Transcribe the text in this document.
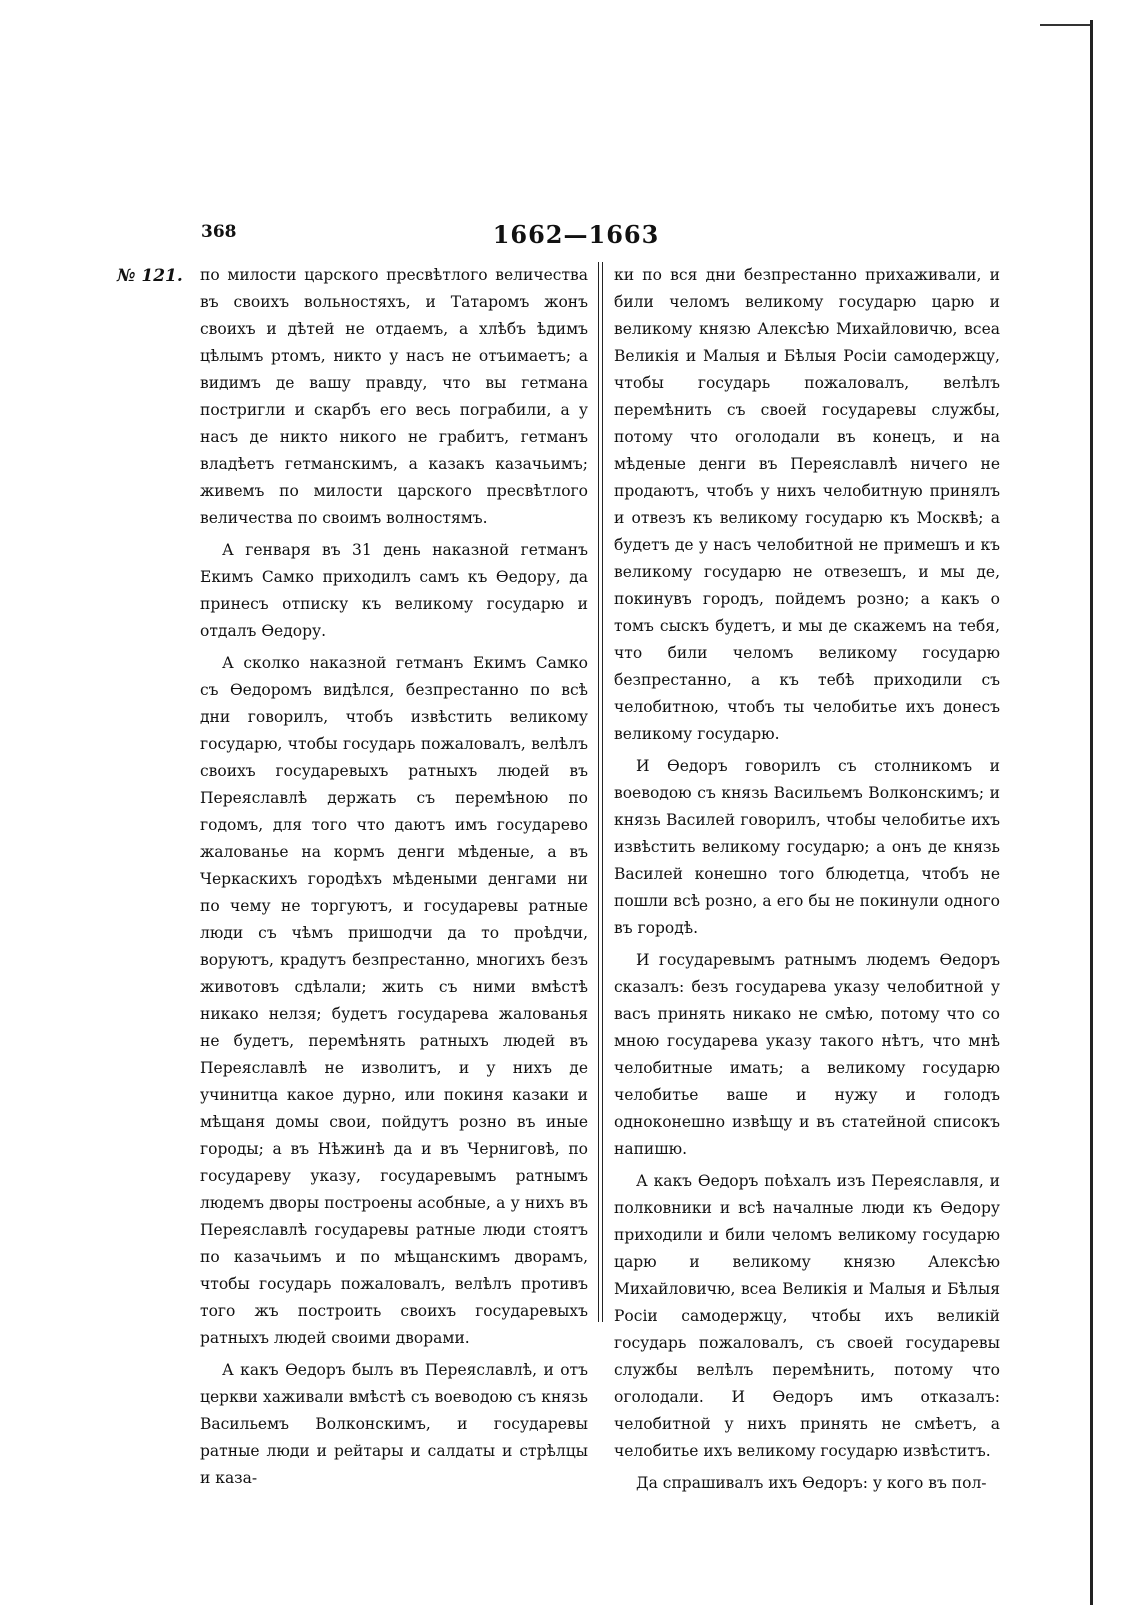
368	1662—1663
№ 121. по милости царского пресвѣтлого величества въ своихъ вольностяхъ, и Татаромъ жонъ своихъ и дѣтей не отдаемъ, а хлѣбъ ѣдимъ цѣлымъ ртомъ, никто у насъ не отъимаетъ; а видимъ де вашу правду, что вы гетмана постригли и скарбъ его весь пограбили, а у насъ де никто никого не грабитъ, гетманъ владѣетъ гетманскимъ, а казакъ казачьимъ; живемъ по милости царского пресвѣтлого величества по своимъ волностямъ.

А генваря въ 31 день наказной гетманъ Екимъ Самко приходилъ самъ къ Ѳедору, да принесъ отписку къ великому государю и отдалъ Ѳедору.

А сколко наказной гетманъ Екимъ Самко съ Ѳедоромъ видѣлся, безпрестанно по всѣ дни говорилъ, чтобъ извѣстить великому государю, чтобы государь пожаловалъ, велѣлъ своихъ государевыхъ ратныхъ людей въ Переяславлѣ держать съ перемѣною по годомъ, для того что даютъ имъ государево жалованье на кормъ денги мѣденые, а въ Черкаскихъ городѣхъ мѣдеными денгами ни по чему не торгуютъ, и государевы ратные люди съ чѣмъ пришодчи да то проѣдчи, воруютъ, крадутъ безпрестанно, многихъ безъ животовъ сдѣлали; жить съ ними вмѣстѣ никако нелзя; будетъ государева жалованья не будетъ, перемѣнять ратныхъ людей въ Переяславлѣ не изволитъ, и у нихъ де учинитца какое дурно, или покиня казаки и мѣщаня домы свои, пойдутъ розно въ иные городы; а въ Нѣжинѣ да и въ Черниговѣ, по государеву указу, государевымъ ратнымъ людемъ дворы построены асобные, а у нихъ въ Переяславлѣ государевы ратные люди стоятъ по казачьимъ и по мѣщанскимъ дворамъ, чтобы государь пожаловалъ, велѣлъ противъ того жъ построить своихъ государевыхъ ратныхъ людей своими дворами.

А какъ Ѳедоръ былъ въ Переяславлѣ, и отъ церкви хаживали вмѣстѣ съ воеводою съ князь Васильемъ Волконскимъ, и государевы ратные люди и рейтары и салдаты и стрѣлцы и каза-

ки по вся дни безпрестанно прихаживали, и били челомъ великому государю царю и великому князю Алексѣю Михайловичю, всеа Великія и Малыя и Бѣлыя Росіи самодержцу, чтобы государь пожаловалъ, велѣлъ перемѣнить съ своей государевы службы, потому что оголодали въ конецъ, и на мѣденые денги въ Переяславлѣ ничего не продаютъ, чтобъ у нихъ челобитную принялъ и отвезъ къ великому государю къ Москвѣ; а будетъ де у насъ челобитной не примешъ и къ великому государю не отвезешъ, и мы де, покинувъ городъ, пойдемъ розно; а какъ о томъ сыскъ будетъ, и мы де скажемъ на тебя, что били челомъ великому государю безпрестанно, а къ тебѣ приходили съ челобитною, чтобъ ты челобитье ихъ донесъ великому государю.

И Ѳедоръ говорилъ съ столникомъ и воеводою съ князь Васильемъ Волконскимъ; и князь Василей говорилъ, чтобы челобитье ихъ извѣстить великому государю; а онъ де князь Василей конешно того блюдетца, чтобъ не пошли всѣ розно, а его бы не покинули одного въ городѣ.

И государевымъ ратнымъ людемъ Ѳедоръ сказалъ: безъ государева указу челобитной у васъ принять никако не смѣю, потому что со мною государева указу такого нѣтъ, что мнѣ челобитные имать; а великому государю челобитье ваше и нужу и голодъ одноконешно извѣщу и въ статейной списокъ напишю.

А какъ Ѳедоръ поѣхалъ изъ Переяславля, и полковники и всѣ началные люди къ Ѳедору приходили и били челомъ великому государю царю и великому князю Алексѣю Михайловичю, всеа Великія и Малыя и Бѣлыя Росіи самодержцу, чтобы ихъ великій государь пожаловалъ, съ своей государевы службы велѣлъ перемѣнить, потому что оголодали. И Ѳедоръ имъ отказалъ: челобитной у нихъ принять не смѣетъ, а челобитье ихъ великому государю извѣститъ.

Да спрашивалъ ихъ Ѳедоръ: у кого въ пол-
